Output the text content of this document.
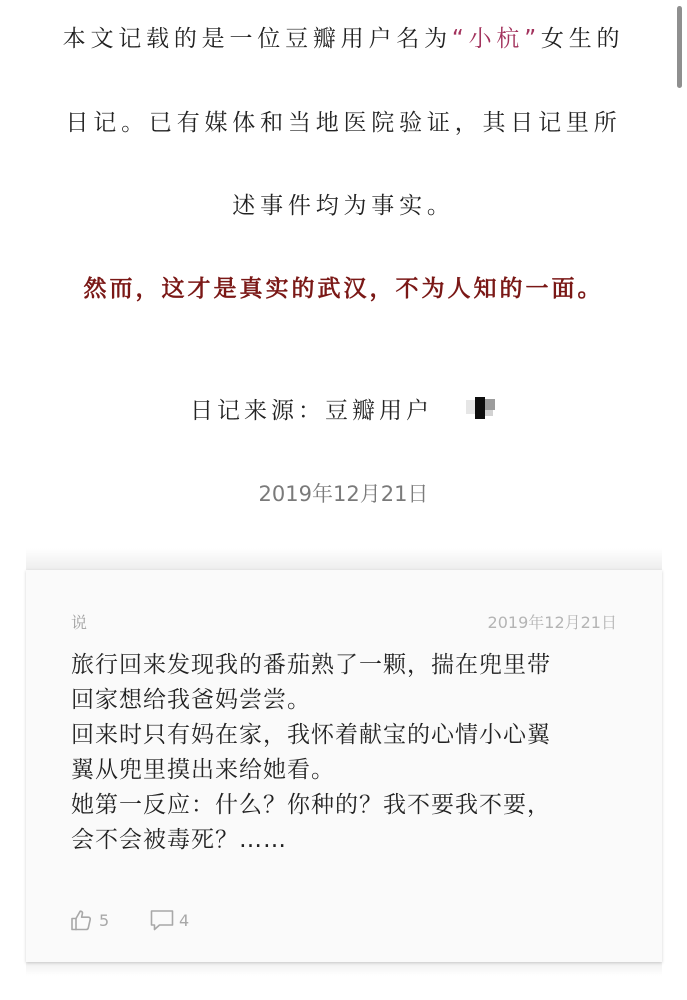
本文记载的是一位豆瓣用户名为“小杭”女生的
日记。已有媒体和当地医院验证，其日记里所
述事件均为事实。
然而，这才是真实的武汉，不为人知的一面。
日记来源：豆瓣用户
2019年12月21日
说	2019年12月21日
旅行回来发现我的番茄熟了一颗，揣在兜里带
回家想给我爸妈尝尝。
回来时只有妈在家，我怀着献宝的心情小心翼
翼从兜里摸出来给她看。
她第一反应：什么？你种的？我不要我不要，
会不会被毒死？……
5	4
